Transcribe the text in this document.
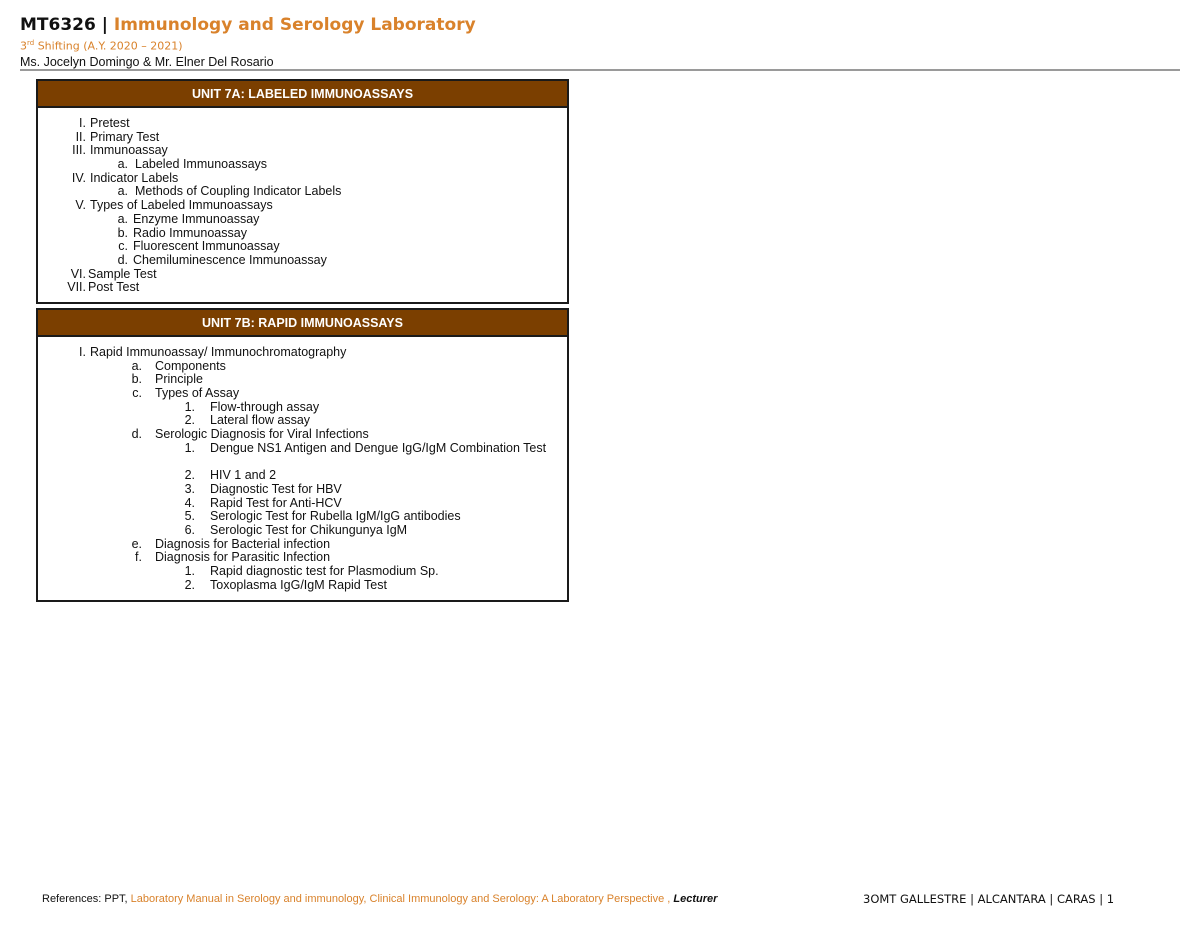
MT6326 | Immunology and Serology Laboratory
3rd Shifting (A.Y. 2020 – 2021)
Ms. Jocelyn Domingo & Mr. Elner Del Rosario
UNIT 7A: LABELED IMMUNOASSAYS
I. Pretest
II. Primary Test
III. Immunoassay
a. Labeled Immunoassays
IV. Indicator Labels
a. Methods of Coupling Indicator Labels
V. Types of Labeled Immunoassays
a. Enzyme Immunoassay
b. Radio Immunoassay
c. Fluorescent Immunoassay
d. Chemiluminescence Immunoassay
VI. Sample Test
VII. Post Test
UNIT 7B: RAPID IMMUNOASSAYS
I. Rapid Immunoassay/ Immunochromatography
a. Components
b. Principle
c. Types of Assay
1. Flow-through assay
2. Lateral flow assay
d. Serologic Diagnosis for Viral Infections
1. Dengue NS1 Antigen and Dengue IgG/IgM Combination Test
2. HIV 1 and 2
3. Diagnostic Test for HBV
4. Rapid Test for Anti-HCV
5. Serologic Test for Rubella IgM/IgG antibodies
6. Serologic Test for Chikungunya IgM
e. Diagnosis for Bacterial infection
f. Diagnosis for Parasitic Infection
1. Rapid diagnostic test for Plasmodium Sp.
2. Toxoplasma IgG/IgM Rapid Test
References: PPT, Laboratory Manual in Serology and immunology, Clinical Immunology and Serology: A Laboratory Perspective , Lecturer	3OMT GALLESTRE | ALCANTARA | CARAS | 1
